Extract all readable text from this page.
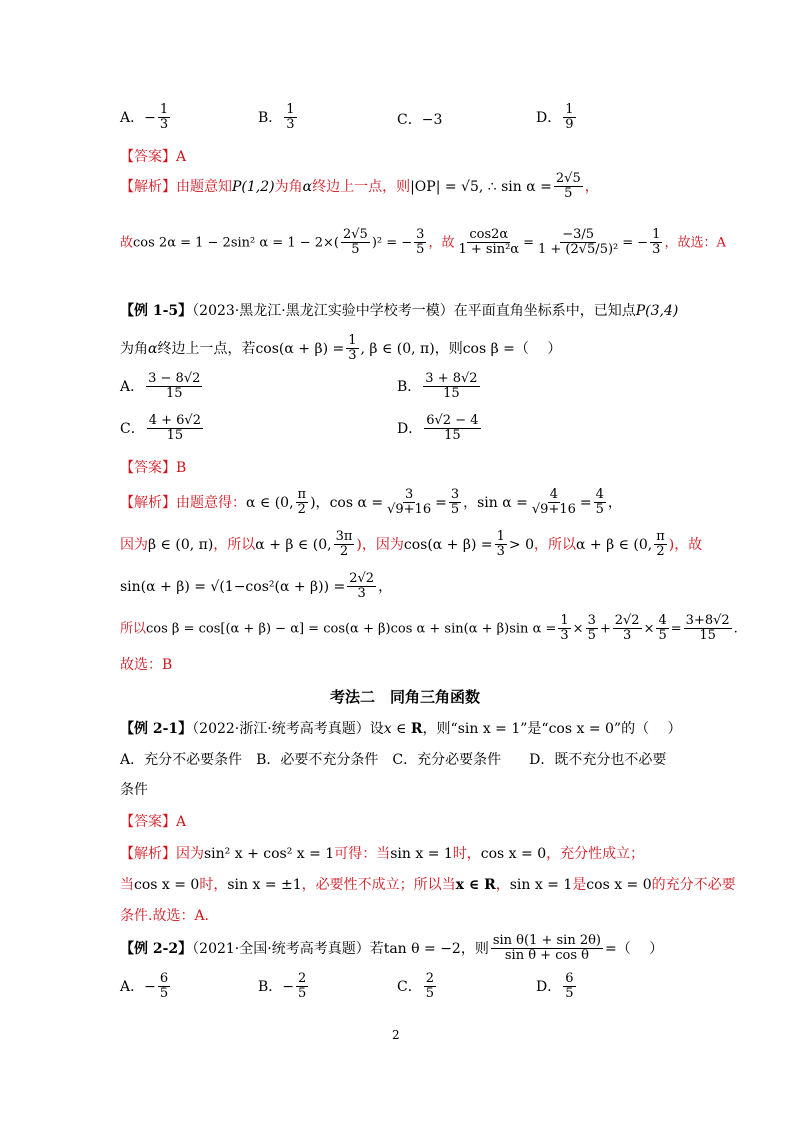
A．− $\frac{1}{3}$	B． $\frac{1}{3}$	C．−3	D． $\frac{1}{9}$
【答案】A
【解析】由题意知P(1,2)为角α终边上一点，则|OP| = √5, ∴ $\sin \alpha = \frac{2√5}{5}$ ，
故cos 2α = 1 − 2sin² $\alpha = 1 - 2\times( \frac{2√5}{5} )^2$ = − $\frac{3}{5}$ ，故 $\frac{\cos 2\alpha}{\text{1 + sin²α}} = \frac{-3/5}{\text{1 + (2√5/5)²}}$ = − $\frac{1}{3}$ ，故选：A
【例 1-5】（2023·黑龙江·黑龙江实验中学校考一模）在平面直角坐标系中，已知点P(3,4)
为角α终边上一点，若$\cos(\alpha + \beta) = \frac{1}{3}$ , β ∈ (0, π)，则cos β =（　 ）
A． $\frac{3 - 8√2}{15}$	B． $\frac{3 + 8√2}{15}$
C． $\frac{4 + 6√2}{15}$	D． $\frac{6√2 - 4}{15}$
【答案】B
【解析】由题意得：α ∈ (0, $\frac{\pi}{2}$ )，$\cos \alpha = \frac{3}{√9+16} = \frac{3}{5}$ ，$\sin \alpha = \frac{4}{√9+16} = \frac{4}{5}$ ，
因为β ∈ (0, π)，所以α + β ∈ (0, $\frac{3\pi}{2}$ )，因为$\cos(\alpha + \beta) = \frac{1}{3} > 0$，所以α + β ∈ (0, $\frac{\pi}{2}$ )，故
$\sin(\alpha + \beta) = √(1-\cos^2(\alpha + \beta)) = \frac{2√2}{3}$ ，
所以cos β = cos[(α + β) − α] = cos(α + β)cos α + sin(α + β)sin $\alpha = \frac{1}{3} \times \frac{3}{5} + \frac{2√2}{3} \times \frac{4}{5} = \frac{3+8√2}{15}$ .
故选：B
考法二　同角三角函数
【例 2-1】（2022·浙江·统考高考真题）设x ∈ R，则“sin x = 1”是“cos x = 0”的（　 ）
A．充分不必要条件　B．必要不充分条件　C．充分必要条件　　D．既不充分也不必要
条件
【答案】A
【解析】因为sin² x + cos² x = 1可得：当sin x = 1时，cos x = 0，充分性成立；
当cos x = 0时，sin x = ±1，必要性不成立；所以当x ∈ R，sin x = 1是cos x = 0的充分不必要
条件.故选：A.
【例 2-2】（2021·全国·统考高考真题）若tan θ = −2，则 $\frac{\text{sin θ(1 + sin 2θ)}}{\text{sin θ + cos θ}}$ =（　 ）
A．− $\frac{6}{5}$	B．− $\frac{2}{5}$	C． $\frac{2}{5}$	D． $\frac{6}{5}$
2
